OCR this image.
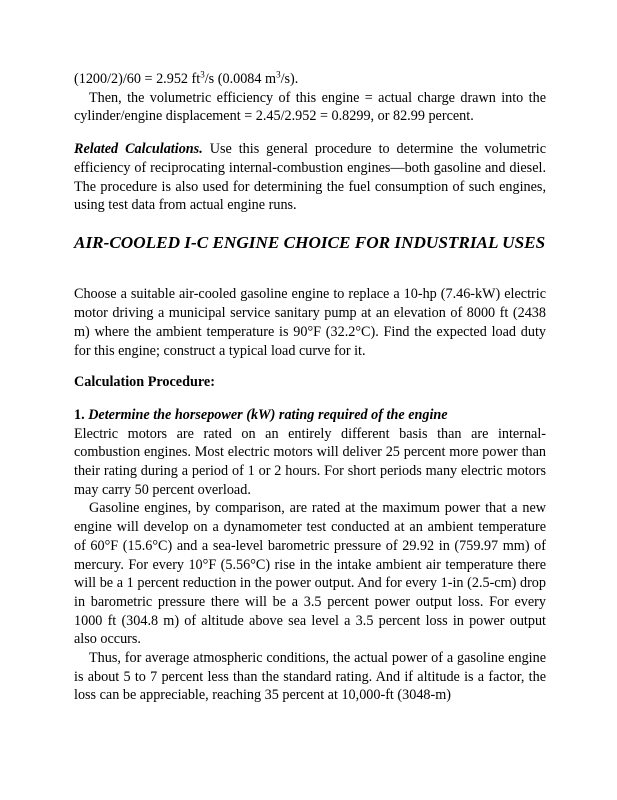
(1200/2)/60 = 2.952 $ft^3/s$ (0.0084 $m^3/s$).

Then, the volumetric efficiency of this engine = actual charge drawn into the cylinder/engine displacement = 2.45/2.952 = 0.8299, or 82.99 percent.

Related Calculations. Use this general procedure to determine the volumetric efficiency of reciprocating internal-combustion engines—both gasoline and diesel. The procedure is also used for determining the fuel consumption of such engines, using test data from actual engine runs.

AIR-COOLED I-C ENGINE CHOICE FOR INDUSTRIAL USES

Choose a suitable air-cooled gasoline engine to replace a 10-hp (7.46-kW) electric motor driving a municipal service sanitary pump at an elevation of 8000 ft (2438 m) where the ambient temperature is 90°F (32.2°C). Find the expected load duty for this engine; construct a typical load curve for it.

Calculation Procedure:

1. Determine the horsepower (kW) rating required of the engine

Electric motors are rated on an entirely different basis than are internal-combustion engines. Most electric motors will deliver 25 percent more power than their rating during a period of 1 or 2 hours. For short periods many electric motors may carry 50 percent overload.

Gasoline engines, by comparison, are rated at the maximum power that a new engine will develop on a dynamometer test conducted at an ambient temperature of 60°F (15.6°C) and a sea-level barometric pressure of 29.92 in (759.97 mm) of mercury. For every 10°F (5.56°C) rise in the intake ambient air temperature there will be a 1 percent reduction in the power output. And for every 1-in (2.5-cm) drop in barometric pressure there will be a 3.5 percent power output loss. For every 1000 ft (304.8 m) of altitude above sea level a 3.5 percent loss in power output also occurs.

Thus, for average atmospheric conditions, the actual power of a gasoline engine is about 5 to 7 percent less than the standard rating. And if altitude is a factor, the loss can be appreciable, reaching 35 percent at 10,000-ft (3048-m)
